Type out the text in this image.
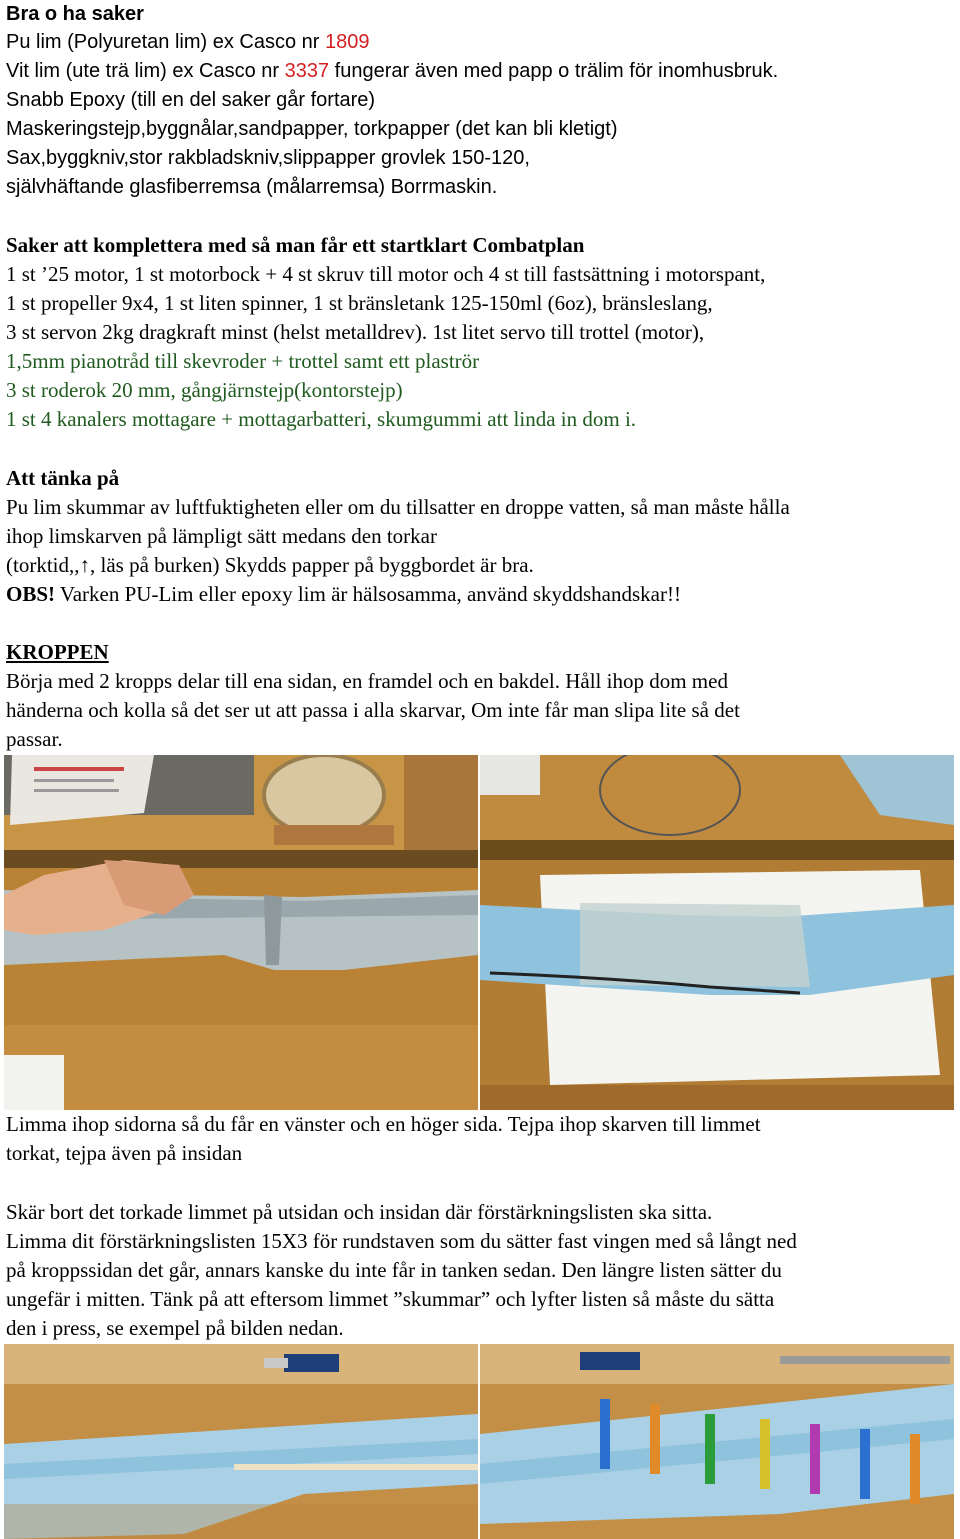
Bra o ha saker
Pu lim (Polyuretan lim) ex Casco nr 1809
Vit lim (ute trä lim) ex Casco nr 3337 fungerar även med papp o trälim för inomhusbruk.
Snabb Epoxy (till en del saker går fortare)
Maskeringstejp,byggnålar,sandpapper, torkpapper (det kan bli kletigt)
Sax,byggkniv,stor rakbladskniv,slippapper grovlek 150-120,
självhäftande glasfiberremsa (målarremsa) Borrmaskin.
Saker att komplettera med så man får ett startklart Combatplan
1 st ’25 motor, 1 st motorbock + 4 st skruv till motor och 4 st till fastsättning i motorspant,
1 st propeller 9x4, 1 st liten spinner, 1 st bränsletank 125-150ml (6oz), bränsleslang,
3 st servon 2kg dragkraft minst (helst metalldrev). 1st litet servo till trottel (motor),
1,5mm pianotråd till skevroder + trottel samt ett plaströr
3 st roderok 20 mm, gångjärnstejp(kontorstejp)
1 st 4 kanalers mottagare + mottagarbatteri, skumgummi att linda in dom i.
Att tänka på
Pu lim skummar av luftfuktigheten eller om du tillsatter en droppe vatten, så man måste hålla
ihop limskarven på lämpligt sätt medans den torkar
(torktid,,↑, läs på burken) Skydds papper på byggbordet är bra.
OBS! Varken PU-Lim eller epoxy lim är hälsosamma, använd skyddshandskar!!
KROPPEN
Börja med 2 kropps delar till ena sidan, en framdel och en bakdel. Håll ihop dom med
händerna och kolla så det ser ut att passa i alla skarvar, Om inte får man slipa lite så det
passar.
Limma ihop sidorna så du får en vänster och en höger sida. Tejpa ihop skarven till limmet
torkat, tejpa även på insidan
Skär bort det torkade limmet på utsidan och insidan där förstärkningslisten ska sitta.
Limma dit förstärkningslisten 15X3 för rundstaven som du sätter fast vingen med så långt ned
på kroppssidan det går, annars kanske du inte får in tanken sedan. Den längre listen sätter du
ungefär i mitten. Tänk på att eftersom limmet ”skummar” och lyfter listen så måste du sätta
den i press, se exempel på bilden nedan.
